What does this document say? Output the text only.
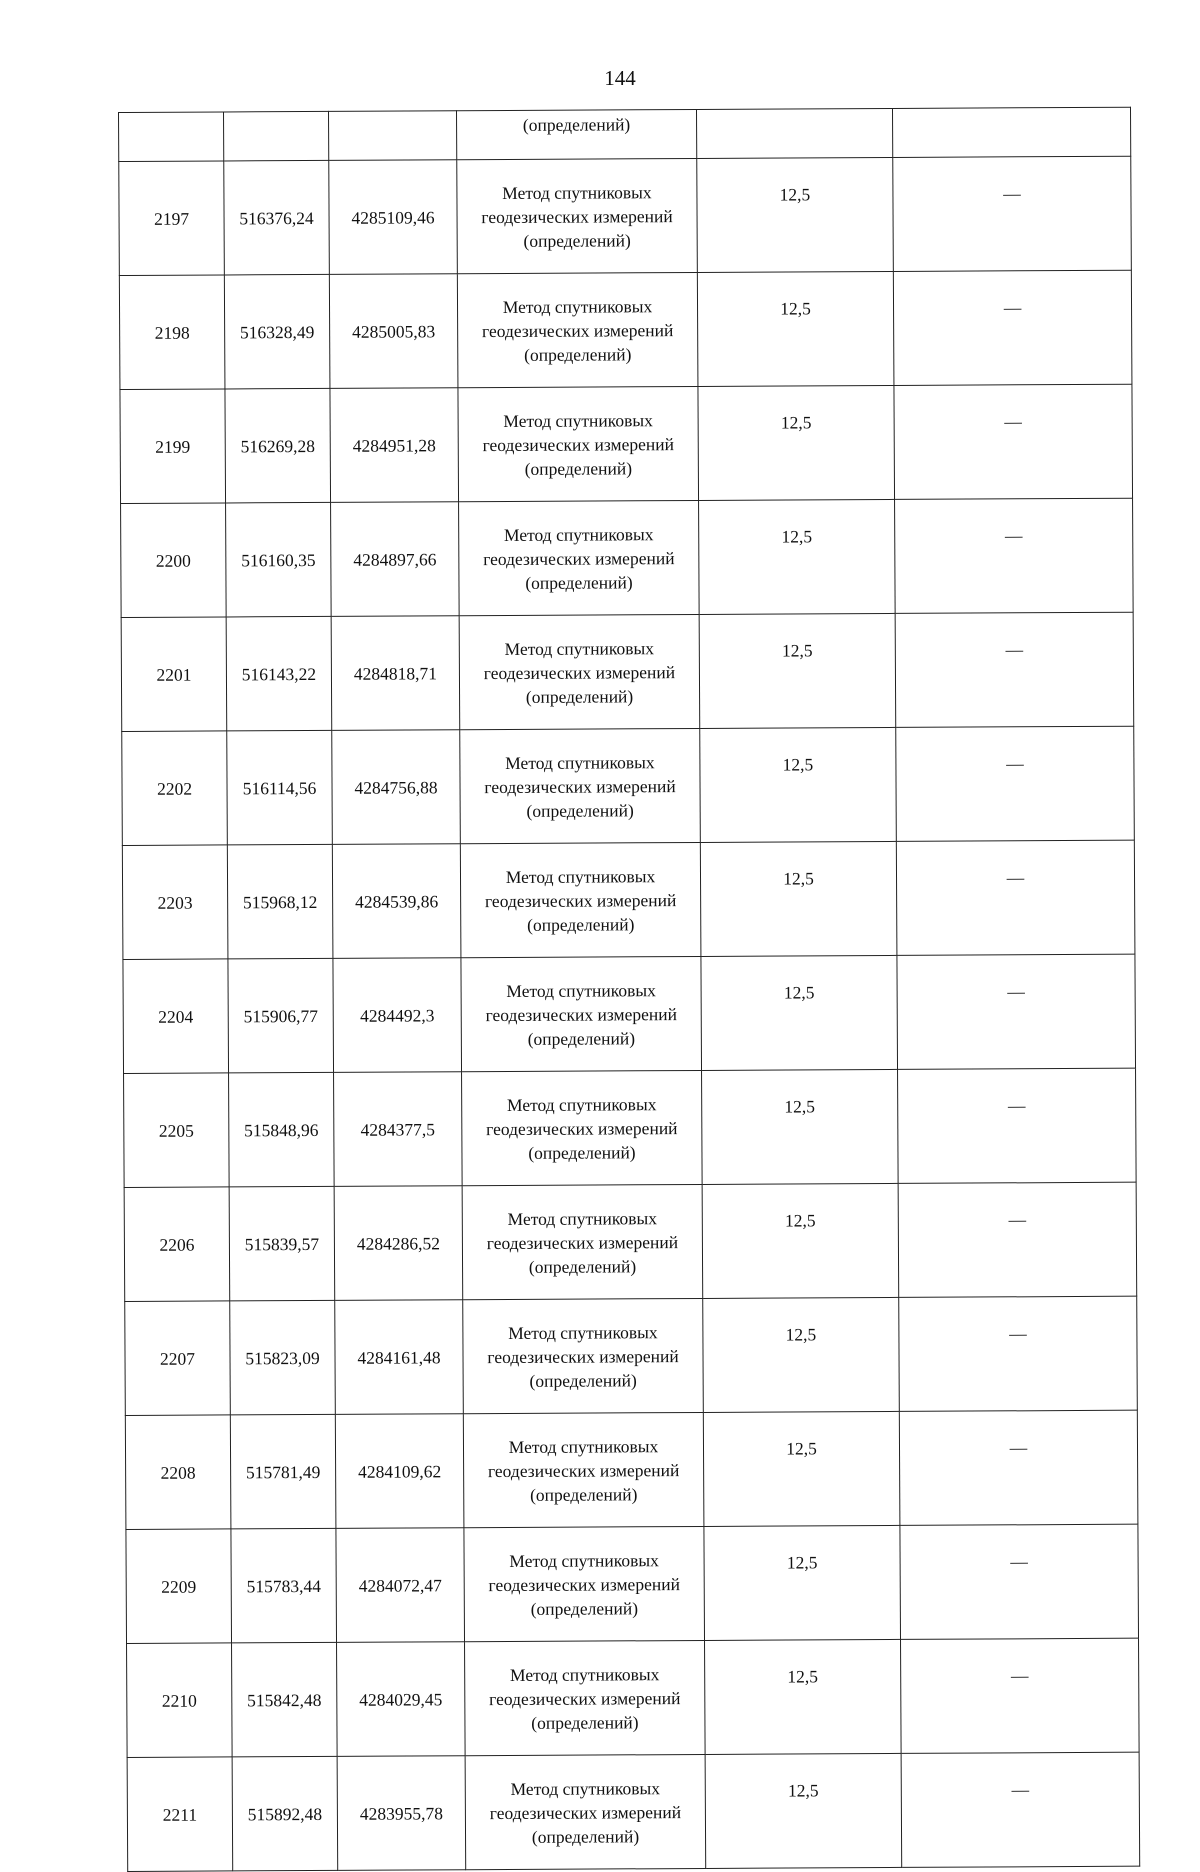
144
			(определений)		
2197	516376,24	4285109,46	Метод спутниковых
геодезических измерений
(определений)	12,5	—
2198	516328,49	4285005,83	Метод спутниковых
геодезических измерений
(определений)	12,5	—
2199	516269,28	4284951,28	Метод спутниковых
геодезических измерений
(определений)	12,5	—
2200	516160,35	4284897,66	Метод спутниковых
геодезических измерений
(определений)	12,5	—
2201	516143,22	4284818,71	Метод спутниковых
геодезических измерений
(определений)	12,5	—
2202	516114,56	4284756,88	Метод спутниковых
геодезических измерений
(определений)	12,5	—
2203	515968,12	4284539,86	Метод спутниковых
геодезических измерений
(определений)	12,5	—
2204	515906,77	4284492,3	Метод спутниковых
геодезических измерений
(определений)	12,5	—
2205	515848,96	4284377,5	Метод спутниковых
геодезических измерений
(определений)	12,5	—
2206	515839,57	4284286,52	Метод спутниковых
геодезических измерений
(определений)	12,5	—
2207	515823,09	4284161,48	Метод спутниковых
геодезических измерений
(определений)	12,5	—
2208	515781,49	4284109,62	Метод спутниковых
геодезических измерений
(определений)	12,5	—
2209	515783,44	4284072,47	Метод спутниковых
геодезических измерений
(определений)	12,5	—
2210	515842,48	4284029,45	Метод спутниковых
геодезических измерений
(определений)	12,5	—
2211	515892,48	4283955,78	Метод спутниковых
геодезических измерений
(определений)	12,5	—
